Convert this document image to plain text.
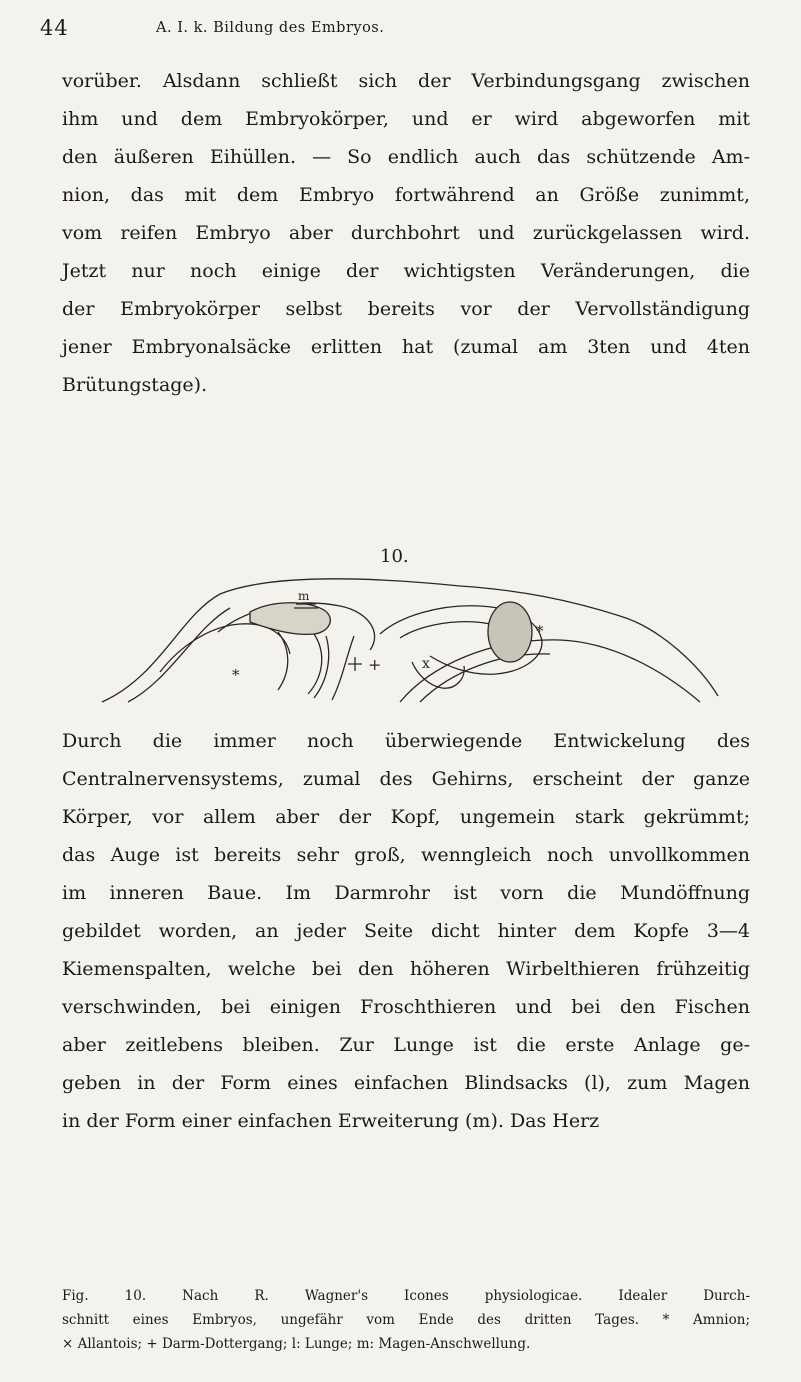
44	A. I. k. Bildung des Embryos.

vorüber. Alsdann schließt sich der Verbindungsgang zwischen
ihm und dem Embryokörper, und er wird abgeworfen mit
den äußeren Eihüllen. — So endlich auch das schützende Am-
nion, das mit dem Embryo fortwährend an Größe zunimmt,
vom reifen Embryo aber durchbohrt und zurückgelassen wird.
Jetzt nur noch einige der wichtigsten Veränderungen, die
der Embryokörper selbst bereits vor der Vervollständigung
jener Embryonalsäcke erlitten hat (zumal am 3ten und 4ten
Brütungstage).

10.
m
*
+	x
*

Durch die immer noch überwiegende Entwickelung des
Centralnervensystems, zumal des Gehirns, erscheint der ganze
Körper, vor allem aber der Kopf, ungemein stark gekrümmt;
das Auge ist bereits sehr groß, wenngleich noch unvollkommen
im inneren Baue. Im Darmrohr ist vorn die Mundöffnung
gebildet worden, an jeder Seite dicht hinter dem Kopfe 3—4
Kiemenspalten, welche bei den höheren Wirbelthieren frühzeitig
verschwinden, bei einigen Froschthieren und bei den Fischen
aber zeitlebens bleiben. Zur Lunge ist die erste Anlage ge-
geben in der Form eines einfachen Blindsacks (l), zum Magen
in der Form einer einfachen Erweiterung (m). Das Herz

Fig. 10. Nach R. Wagner's Icones physiologicae. Idealer Durch-
schnitt eines Embryos, ungefähr vom Ende des dritten Tages. * Amnion;
× Allantois; + Darm-Dottergang; l: Lunge; m: Magen-Anschwellung.
